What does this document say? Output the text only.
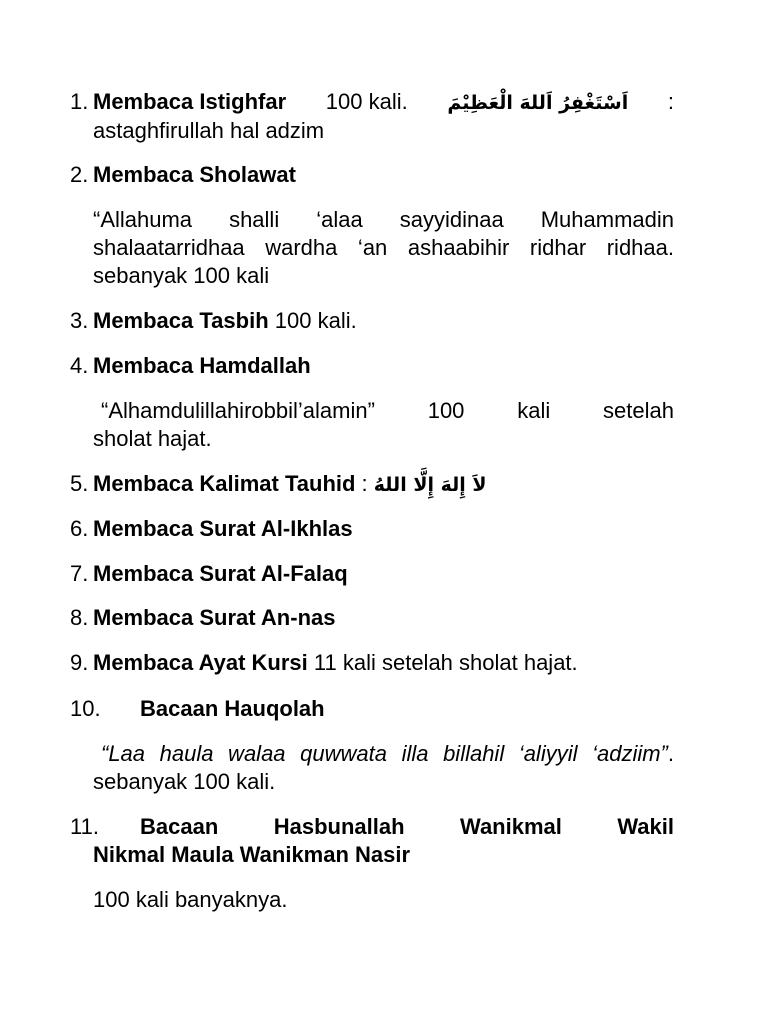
1. Membaca Istighfar 100 kali. اَسْتَغْفِرُ اَللهَ الْعَظِيْمَ :
astaghfirullah hal adzim
2. Membaca Sholawat
“Allahuma shalli ‘alaa sayyidinaa Muhammadin shalaatarridhaa wardha ‘an ashaabihir ridhar ridhaa. sebanyak 100 kali
3. Membaca Tasbih 100 kali.
4. Membaca Hamdallah
“Alhamdulillahirobbil’alamin” 100 kali setelah
sholat hajat.
5. Membaca Kalimat Tauhid : لاَ إِلهَ إِلَّا اللهُ
6. Membaca Surat Al-Ikhlas
7. Membaca Surat Al-Falaq
8. Membaca Surat An-nas
9. Membaca Ayat Kursi 11 kali setelah sholat hajat.
10. Bacaan Hauqolah
“Laa haula walaa quwwata illa billahil ‘aliyyil ‘adziim”. sebanyak 100 kali.
11. Bacaan	Hasbunallah	Wanikmal	Wakil
Nikmal Maula Wanikman Nasir
100 kali banyaknya.
